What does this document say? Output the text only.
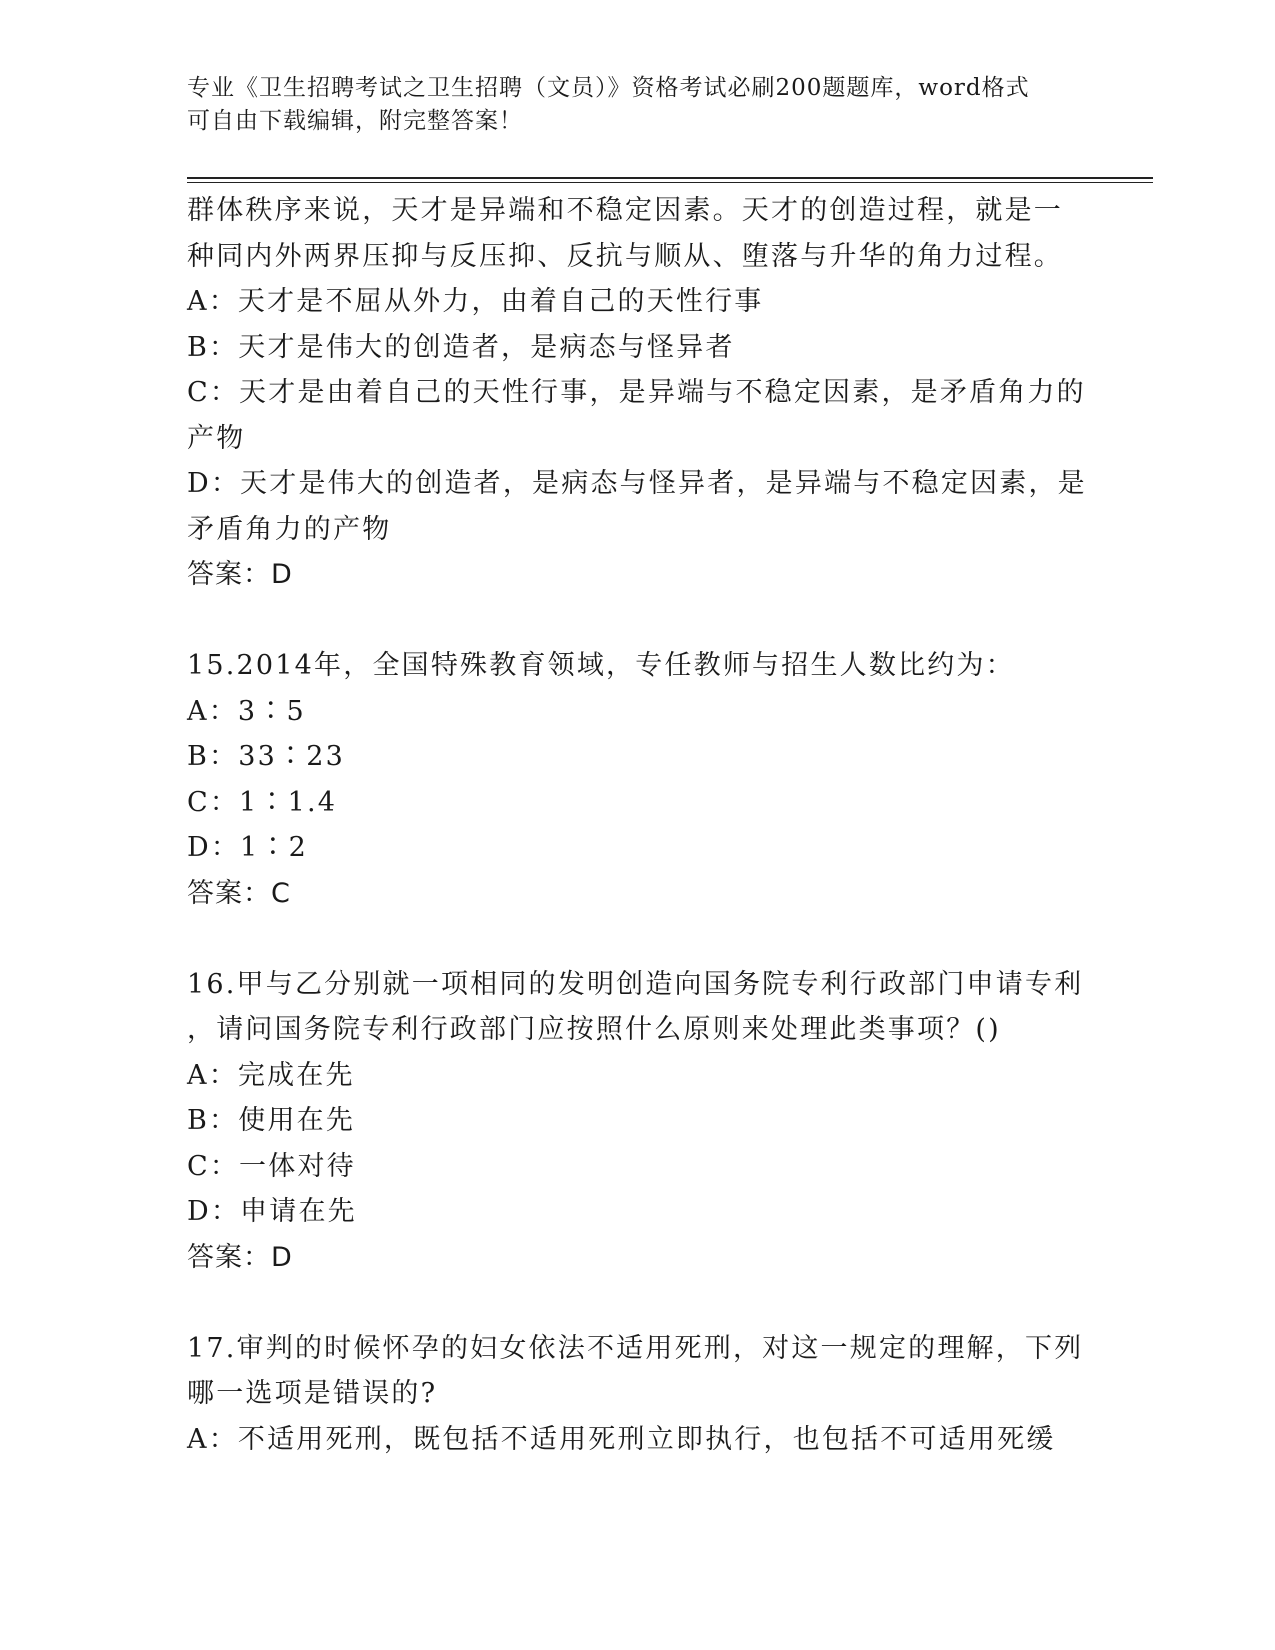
专业《卫生招聘考试之卫生招聘（文员）》资格考试必刷200题题库，word格式
可自由下载编辑，附完整答案！
群体秩序来说，天才是异端和不稳定因素。天才的创造过程，就是一
种同内外两界压抑与反压抑、反抗与顺从、堕落与升华的角力过程。
A：天才是不屈从外力，由着自己的天性行事
B：天才是伟大的创造者，是病态与怪异者
C：天才是由着自己的天性行事，是异端与不稳定因素，是矛盾角力的
产物
D：天才是伟大的创造者，是病态与怪异者，是异端与不稳定因素，是
矛盾角力的产物
答案：D
15.2014年，全国特殊教育领域，专任教师与招生人数比约为：
A：3∶5
B：33∶23
C：1∶1.4
D：1∶2
答案：C
16.甲与乙分别就一项相同的发明创造向国务院专利行政部门申请专利
，请问国务院专利行政部门应按照什么原则来处理此类事项？()
A：完成在先
B：使用在先
C：一体对待
D：申请在先
答案：D
17.审判的时候怀孕的妇女依法不适用死刑，对这一规定的理解，下列
哪一选项是错误的?
A：不适用死刑，既包括不适用死刑立即执行，也包括不可适用死缓
